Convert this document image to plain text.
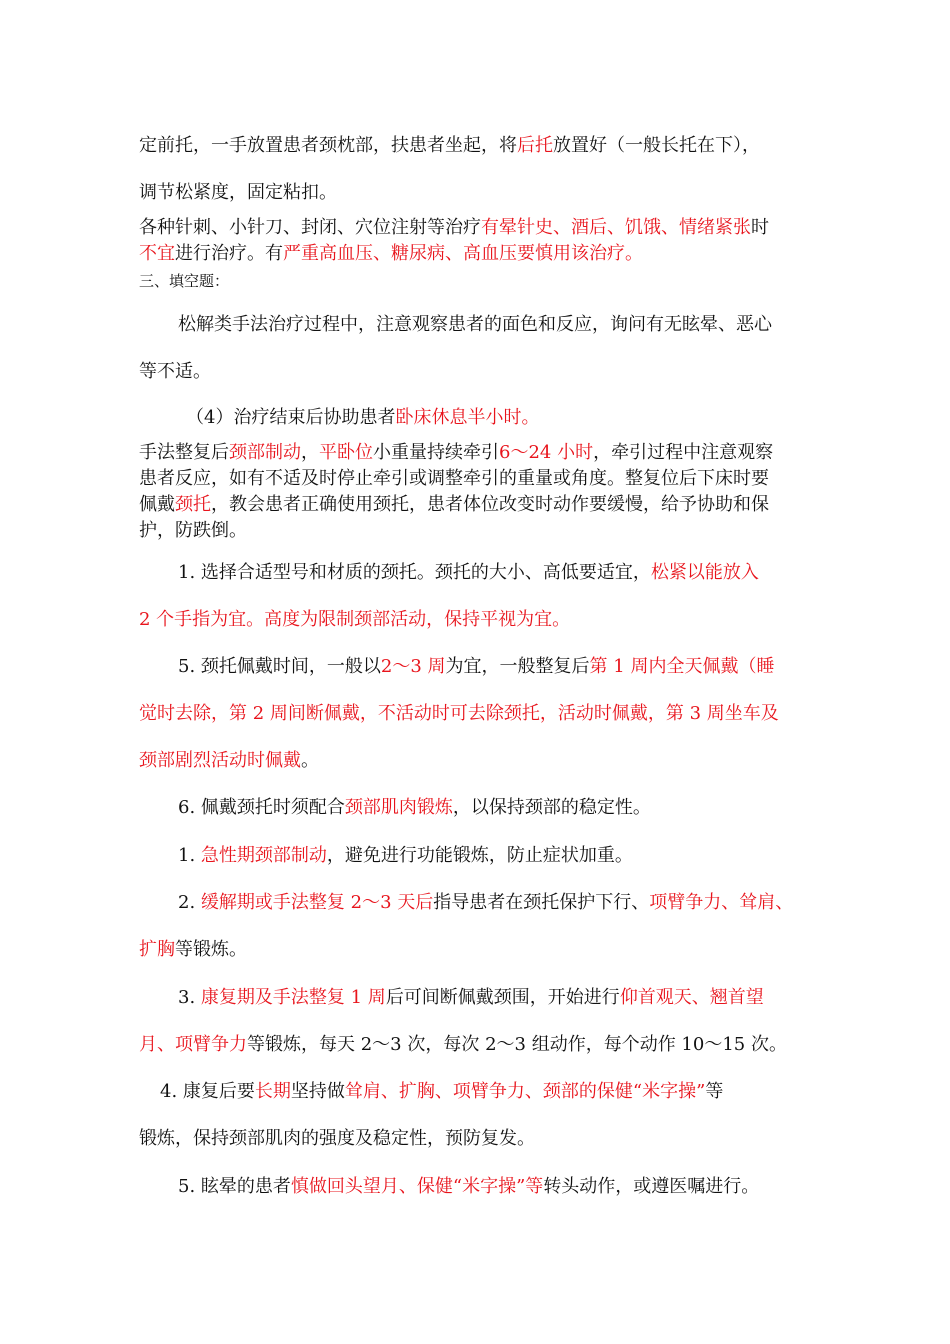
定前托，一手放置患者颈枕部，扶患者坐起，将后托放置好（一般长托在下），
调节松紧度，固定粘扣。
各种针刺、小针刀、封闭、穴位注射等治疗有晕针史、酒后、饥饿、情绪紧张时
不宜进行治疗。有严重高血压、糖尿病、高血压要慎用该治疗。
三、填空题：
松解类手法治疗过程中，注意观察患者的面色和反应，询问有无眩晕、恶心
等不适。
（4）治疗结束后协助患者卧床休息半小时。
手法整复后颈部制动，平卧位小重量持续牵引6～24 小时，牵引过程中注意观察
患者反应，如有不适及时停止牵引或调整牵引的重量或角度。整复位后下床时要
佩戴颈托，教会患者正确使用颈托，患者体位改变时动作要缓慢，给予协助和保
护，防跌倒。
1. 选择合适型号和材质的颈托。颈托的大小、高低要适宜，松紧以能放入
2 个手指为宜。高度为限制颈部活动，保持平视为宜。
5. 颈托佩戴时间，一般以2～3 周为宜，一般整复后第 1 周内全天佩戴（睡
觉时去除，第 2 周间断佩戴，不活动时可去除颈托，活动时佩戴，第 3 周坐车及
颈部剧烈活动时佩戴。
6. 佩戴颈托时须配合颈部肌肉锻炼，以保持颈部的稳定性。
1. 急性期颈部制动，避免进行功能锻炼，防止症状加重。
2. 缓解期或手法整复 2～3 天后指导患者在颈托保护下行、项臂争力、耸肩、
扩胸等锻炼。
3. 康复期及手法整复 1 周后可间断佩戴颈围，开始进行仰首观天、翘首望
月、项臂争力等锻炼，每天 2～3 次，每次 2～3 组动作，每个动作 10～15 次。
4. 康复后要长期坚持做耸肩、扩胸、项臂争力、颈部的保健“米字操”等
锻炼，保持颈部肌肉的强度及稳定性，预防复发。
5. 眩晕的患者慎做回头望月、保健“米字操”等转头动作，或遵医嘱进行。
